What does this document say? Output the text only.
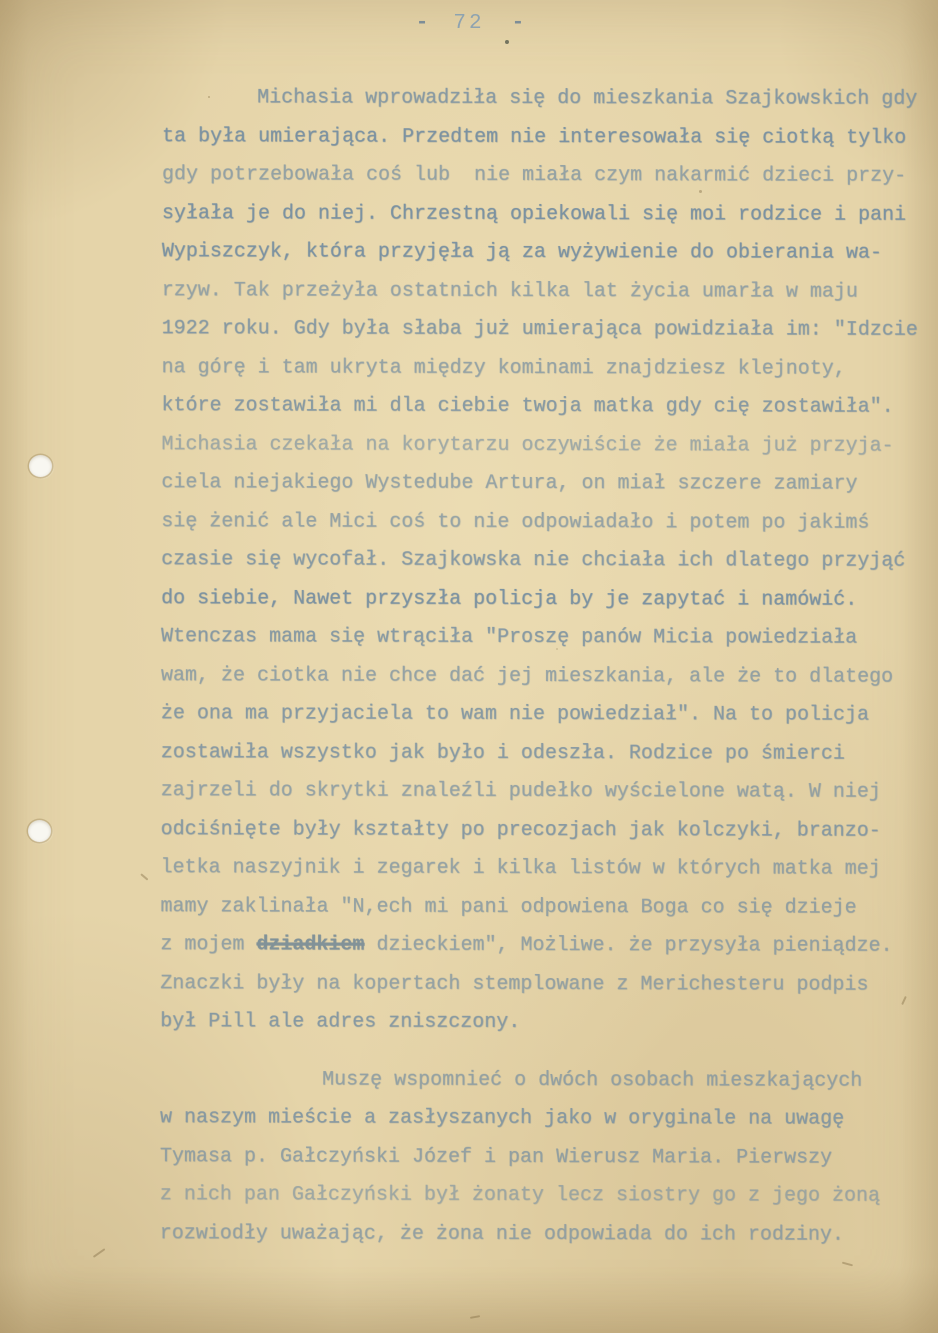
- 72 -

Michasia wprowadziła się do mieszkania Szajkowskich gdy

ta była umierająca. Przedtem nie interesowała się ciotką tylko

gdy potrzebowała coś lub  nie miała czym nakarmić dzieci przy-

syłała je do niej. Chrzestną opiekowali się moi rodzice i pani

Wypiszczyk, która przyjęła ją za wyżywienie do obierania wa-

rzyw. Tak przeżyła ostatnich kilka lat życia umarła w maju

1922 roku. Gdy była słaba już umierająca powidziała im: "Idzcie

na górę i tam ukryta między kominami znajdziesz klejnoty,

które zostawiła mi dla ciebie twoja matka gdy cię zostawiła".

Michasia czekała na korytarzu oczywiście że miała już przyja-

ciela niejakiego Wystedube Artura, on miał szczere zamiary

się żenić ale Mici coś to nie odpowiadało i potem po jakimś

czasie się wycofał. Szajkowska nie chciała ich dlatego przyjąć

do siebie, Nawet przyszła policja by je zapytać i namówić.

Wtenczas mama się wtrąciła "Proszę panów Micia powiedziała

wam, że ciotka nie chce dać jej mieszkania, ale że to dlatego

że ona ma przyjaciela to wam nie powiedział". Na to policja

zostawiła wszystko jak było i odeszła. Rodzice po śmierci

zajrzeli do skrytki znaleźli pudełko wyścielone watą. W niej

odciśnięte były kształty po precozjach jak kolczyki, branzo-

letka naszyjnik i zegarek i kilka listów w których matka mej

mamy zaklinała "N,ech mi pani odpowiena Boga co się dzieje

z mojem dziadkiem dzieckiem", Możliwe. że przysyła pieniądze.

Znaczki były na kopertach stemplowane z Merichesteru podpis

był Pill ale adres zniszczony.

Muszę wspomnieć o dwóch osobach mieszkających

w naszym mieście a zasłyszanych jako w oryginale na uwagę

Tymasa p. Gałczyński Józef i pan Wierusz Maria. Pierwszy

z nich pan Gałczyński był żonaty lecz siostry go z jego żoną

rozwiodły uważając, że żona nie odpowiada do ich rodziny.
